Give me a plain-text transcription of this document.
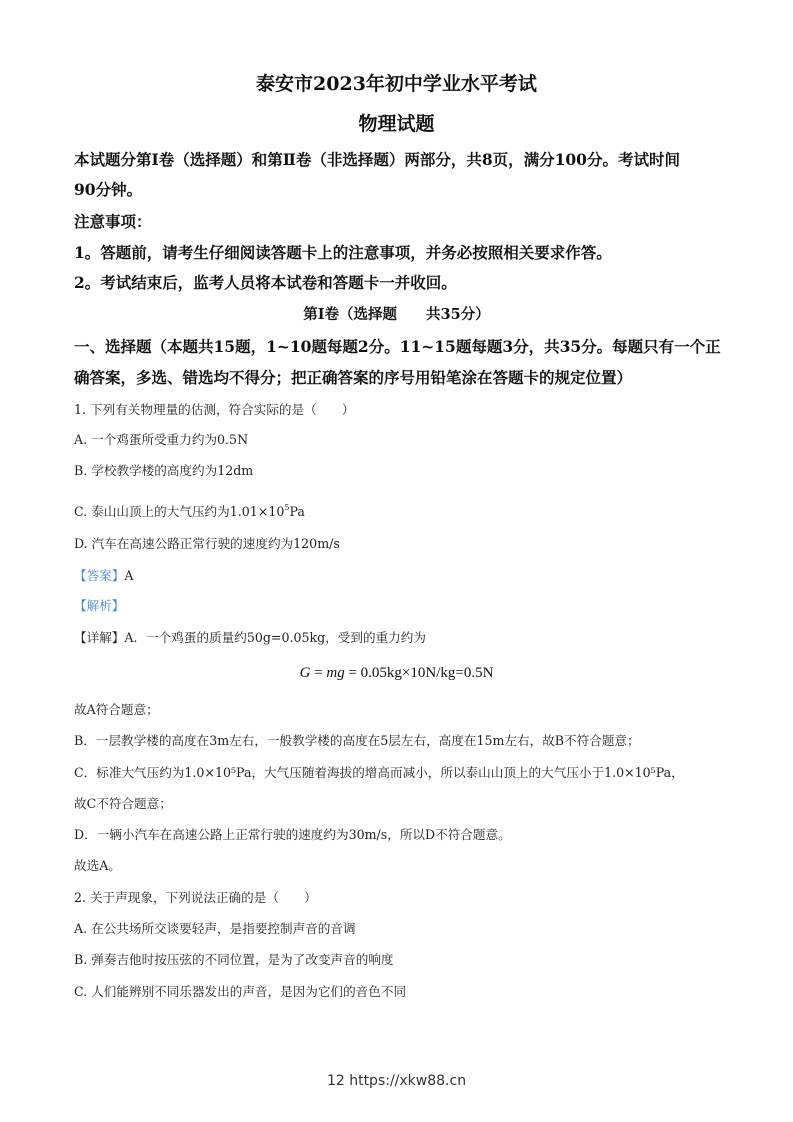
泰安市2023年初中学业水平考试
物理试题
本试题分第Ⅰ卷（选择题）和第Ⅱ卷（非选择题）两部分，共8页，满分100分。考试时间
90分钟。
注意事项：
1。答题前，请考生仔细阅读答题卡上的注意事项，并务必按照相关要求作答。
2。考试结束后，监考人员将本试卷和答题卡一并收回。
第Ⅰ卷（选择题　　共35分）
一、选择题（本题共15题，1~10题每题2分。11~15题每题3分，共35分。每题只有一个正
确答案，多选、错选均不得分；把正确答案的序号用铅笔涂在答题卡的规定位置）
1. 下列有关物理量的估测，符合实际的是（　　）
A. 一个鸡蛋所受重力约为0.5N
B. 学校教学楼的高度约为12dm
C. 泰山山顶上的大气压约为$1.01\times 10^5Pa$
D. 汽车在高速公路正常行驶的速度约为120m/s
【答案】A
【解析】
【详解】A．一个鸡蛋的质量约50g=0.05kg，受到的重力约为
G = mg = 0.05kg×10N/kg=0.5N
故A符合题意；
B．一层教学楼的高度在3m左右，一般教学楼的高度在5层左右，高度在15m左右，故B不符合题意；
C．标准大气压约为1.0×10⁵Pa，大气压随着海拔的增高而减小，所以泰山山顶上的大气压小于1.0×10⁵Pa，
故C不符合题意；
D．一辆小汽车在高速公路上正常行驶的速度约为30m/s，所以D不符合题意。
故选A。
2. 关于声现象，下列说法正确的是（　　）
A. 在公共场所交谈要轻声，是指要控制声音的音调
B. 弹奏吉他时按压弦的不同位置，是为了改变声音的响度
C. 人们能辨别不同乐器发出的声音，是因为它们的音色不同
12 https://xkw88.cn
